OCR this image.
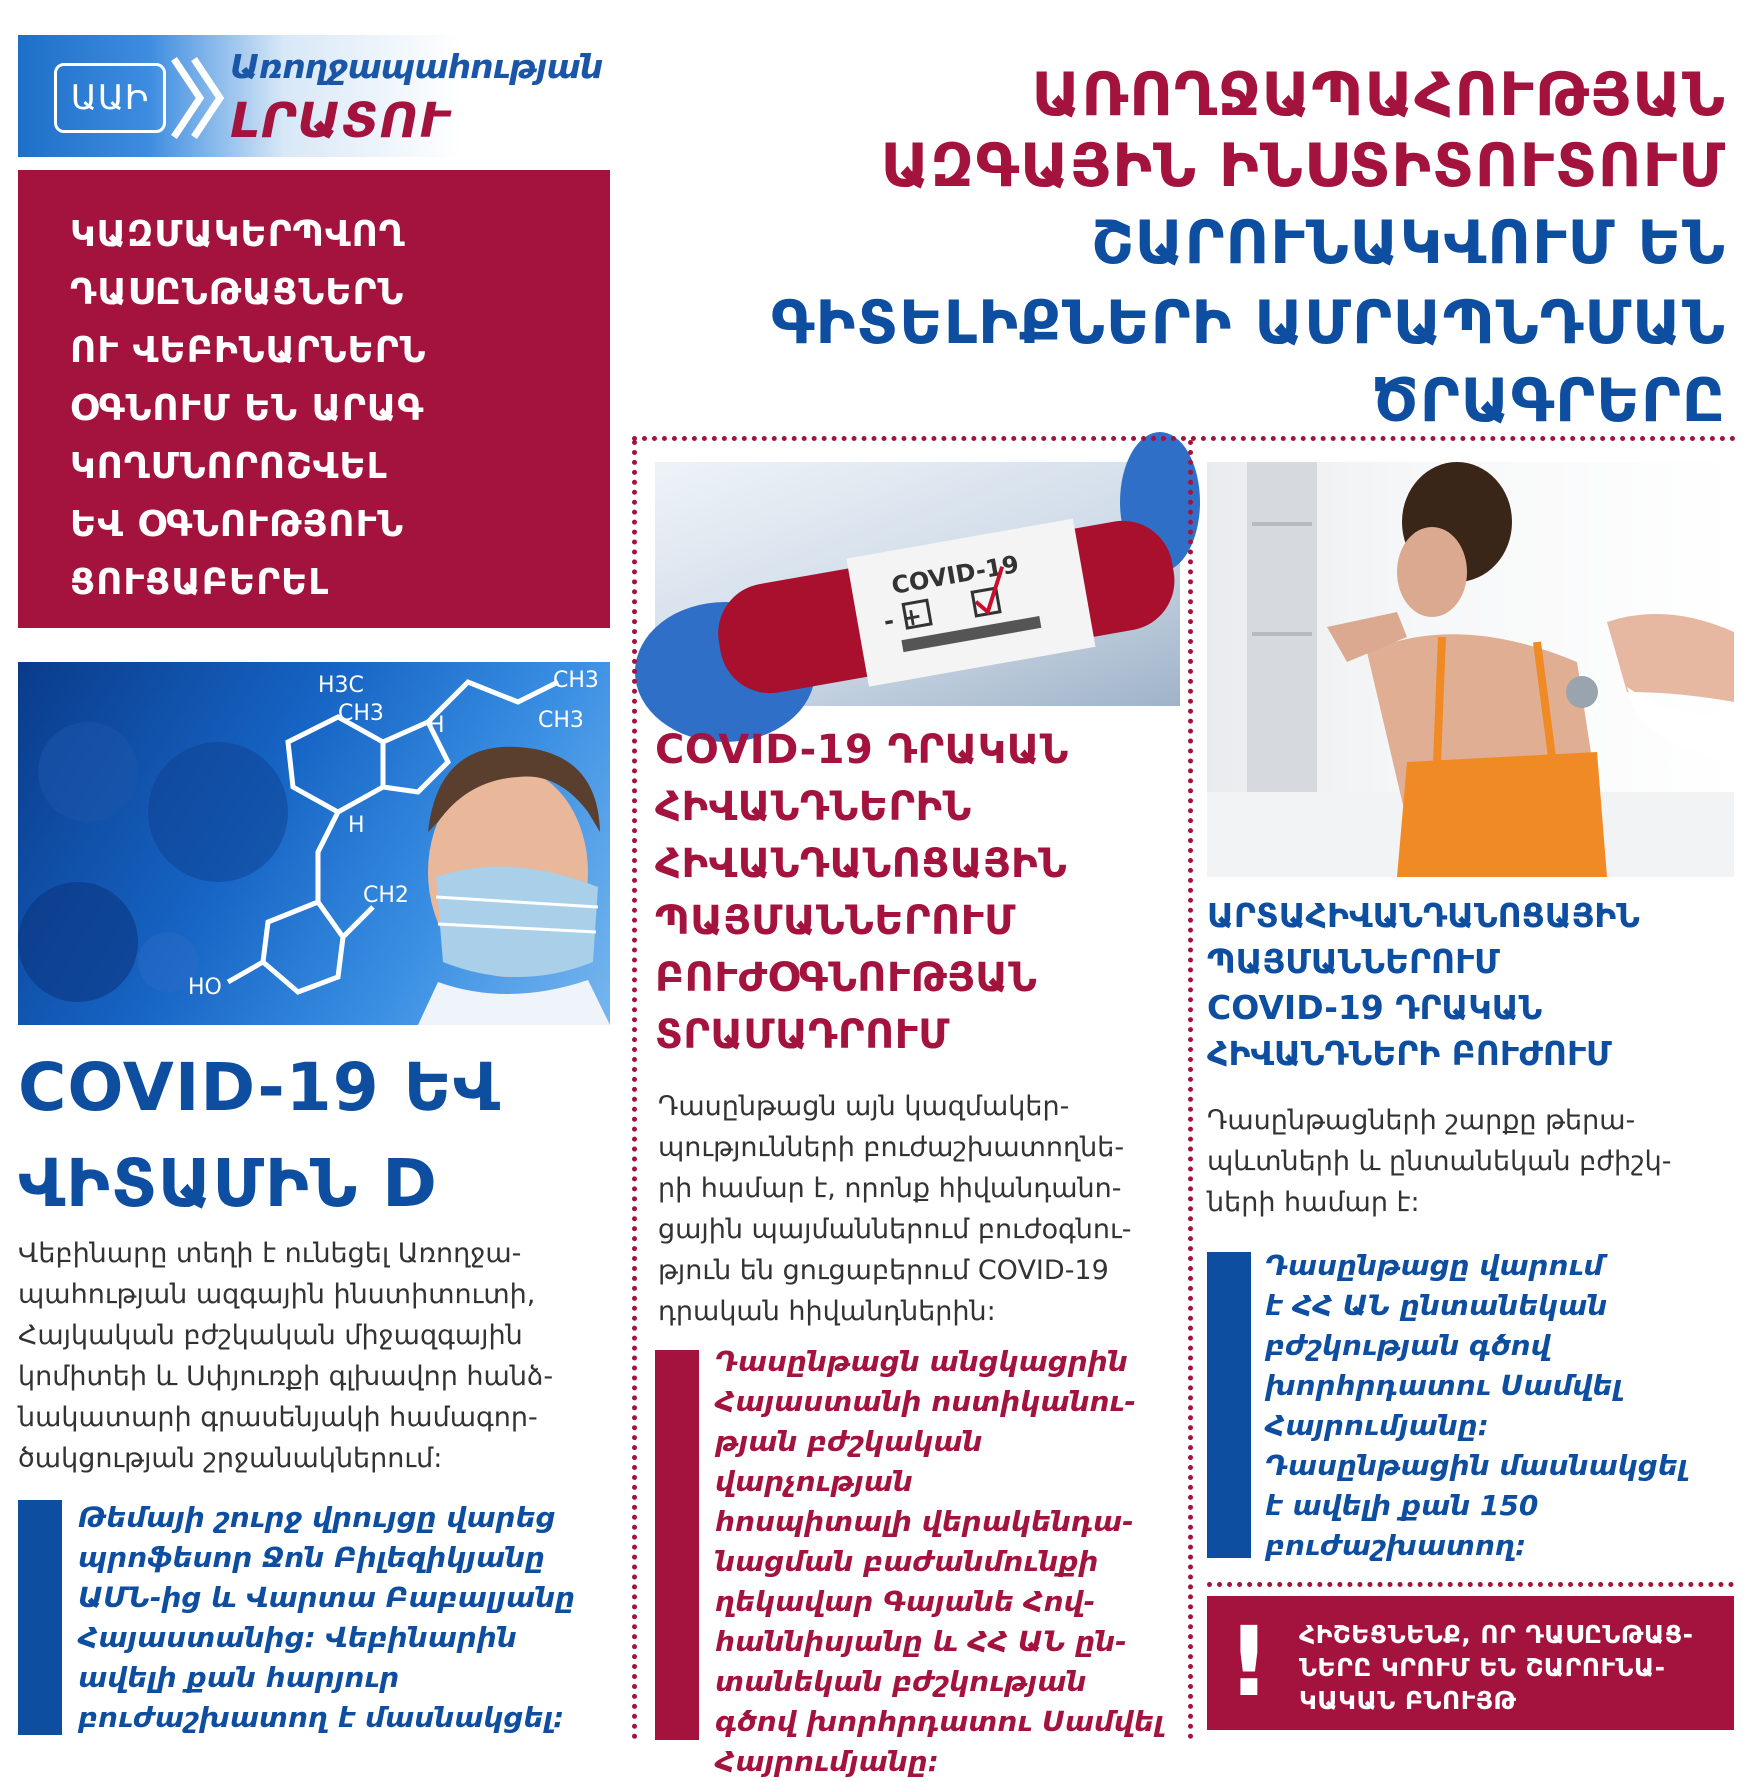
ԱԱԻ
Առողջապահության
ԼՐԱՏՈՒ	ԱՌՈՂՋԱՊԱՀՈՒԹՅԱՆ
ԱԶԳԱՅԻՆ ԻՆՍՏԻՏՈՒՏՈՒՄ
ՇԱՐՈՒՆԱԿՎՈՒՄ ԵՆ
ԳԻՏԵԼԻՔՆԵՐԻ ԱՄՐԱՊՆԴՄԱՆ
ԾՐԱԳՐԵՐԸ

ԿԱԶՄԱԿԵՐՊՎՈՂ
ԴԱՍԸՆԹԱՑՆԵՐՆ
ՈՒ ՎԵԲԻՆԱՐՆԵՐՆ
ՕԳՆՈՒՄ ԵՆ ԱՐԱԳ
ԿՈՂՄՆՈՐՈՇՎԵԼ
ԵՎ ՕԳՆՈՒԹՅՈՒՆ
ՑՈՒՑԱԲԵՐԵԼ

H3C
CH3
CH3
CH3
H
H
CH2
HO
COVID-19
- +
COVID-19 ԵՎ
ՎԻՏԱՄԻՆ D
Վեբինարը տեղի է ունեցել Առողջա-
պահության ազգային ինստիտուտի,
Հայկական բժշկական միջազգային
կոմիտեի և Սփյուռքի գլխավոր հանձ-
նակատարի գրասենյակի համագոր-
ծակցության շրջանակներում:
Թեմայի շուրջ վրույցը վարեց
պրոֆեսոր Ջոն Բիլեզիկյանը
ԱՄՆ-ից և Վարտա Բաբալյանը
Հայաստանից: Վեբինարին
ավելի քան հարյուր
բուժաշխատող է մասնակցել:
COVID-19 ԴՐԱԿԱՆ
ՀԻՎԱՆԴՆԵՐԻՆ
ՀԻՎԱՆԴԱՆՈՑԱՅԻՆ
ՊԱՅՄԱՆՆԵՐՈՒՄ
ԲՈՒԺՕԳՆՈՒԹՅԱՆ
ՏՐԱՄԱԴՐՈՒՄ
Դասընթացն այն կազմակեր-
պությունների բուժաշխատողնե-
րի համար է, որոնք հիվանդանո-
ցային պայմաններում բուժօգնու-
թյուն են ցուցաբերում COVID-19
դրական հիվանդներին:
Դասընթացն անցկացրին
Հայաստանի ոստիկանու-
թյան բժշկական վարչության
հոսպիտալի վերակենդա-
նացման բաժանմունքի
ղեկավար Գայանե Հով-
հաննիսյանը և ՀՀ ԱՆ ըն-
տանեկան բժշկության
գծով խորհրդատու Սամվել
Հայրումյանը:
ԱՐՏԱՀԻՎԱՆԴԱՆՈՑԱՅԻՆ
ՊԱՅՄԱՆՆԵՐՈՒՄ
COVID-19 ԴՐԱԿԱՆ
ՀԻՎԱՆԴՆԵՐԻ ԲՈՒԺՈՒՄ
Դասընթացների շարքը թերա-
պևտների և ընտանեկան բժիշկ-
ների համար է:
Դասընթացը վարում
է ՀՀ ԱՆ ընտանեկան
բժշկության գծով
խորհրդատու Սամվել
Հայրումյանը:
Դասընթացին մասնակցել
է ավելի քան 150
բուժաշխատող:
! ՀԻՇԵՑՆԵՆՔ, ՈՐ ԴԱՍԸՆԹԱՑ-
ՆԵՐԸ ԿՐՈՒՄ ԵՆ ՇԱՐՈՒՆԱ-
ԿԱԿԱՆ ԲՆՈՒՅԹ
